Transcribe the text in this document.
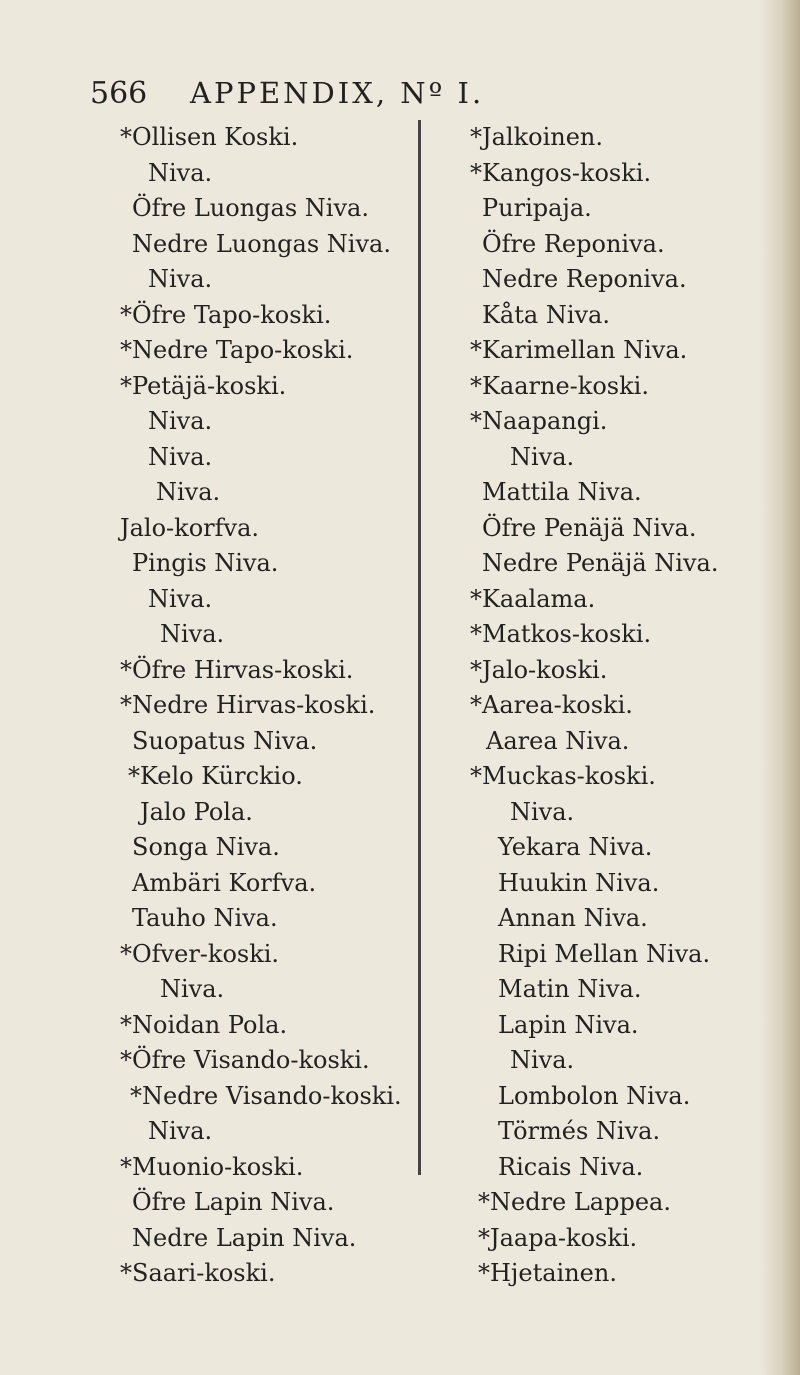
566 APPENDIX, Nº I.
*Ollisen Koski.
Niva.
Öfre Luongas Niva.
Nedre Luongas Niva.
Niva.
*Öfre Tapo-koski.
*Nedre Tapo-koski.
*Petäjä-koski.
Niva.
Niva.
Niva.
Jalo-korfva.
Pingis Niva.
Niva.
Niva.
*Öfre Hirvas-koski.
*Nedre Hirvas-koski.
Suopatus Niva.
*Kelo Kürckio.
Jalo Pola.
Songa Niva.
Ambäri Korfva.
Tauho Niva.
*Ofver-koski.
Niva.
*Noidan Pola.
*Öfre Visando-koski.
*Nedre Visando-koski.
Niva.
*Muonio-koski.
Öfre Lapin Niva.
Nedre Lapin Niva.
*Saari-koski.
*Jalkoinen.
*Kangos-koski.
Puripaja.
Öfre Reponiva.
Nedre Reponiva.
Kåta Niva.
*Karimellan Niva.
*Kaarne-koski.
*Naapangi.
Niva.
Mattila Niva.
Öfre Penäjä Niva.
Nedre Penäjä Niva.
*Kaalama.
*Matkos-koski.
*Jalo-koski.
*Aarea-koski.
Aarea Niva.
*Muckas-koski.
Niva.
Yekara Niva.
Huukin Niva.
Annan Niva.
Ripi Mellan Niva.
Matin Niva.
Lapin Niva.
Niva.
Lombolon Niva.
Törmés Niva.
Ricais Niva.
*Nedre Lappea.
*Jaapa-koski.
*Hjetainen.
